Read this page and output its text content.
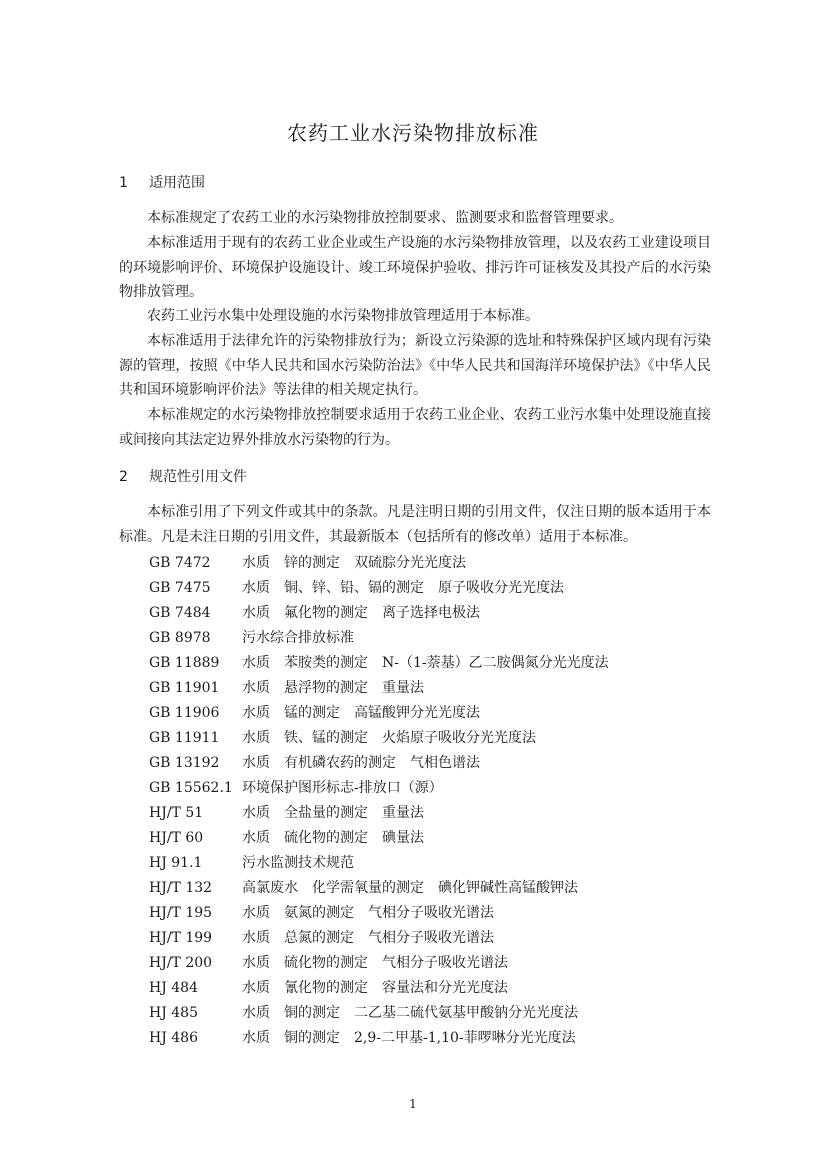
农药工业水污染物排放标准
1 适用范围

本标准规定了农药工业的水污染物排放控制要求、监测要求和监督管理要求。

本标准适用于现有的农药工业企业或生产设施的水污染物排放管理，以及农药工业建设项目的环境影响评价、环境保护设施设计、竣工环境保护验收、排污许可证核发及其投产后的水污染物排放管理。

农药工业污水集中处理设施的水污染物排放管理适用于本标准。

本标准适用于法律允许的污染物排放行为；新设立污染源的选址和特殊保护区域内现有污染源的管理，按照《中华人民共和国水污染防治法》《中华人民共和国海洋环境保护法》《中华人民共和国环境影响评价法》等法律的相关规定执行。

本标准规定的水污染物排放控制要求适用于农药工业企业、农药工业污水集中处理设施直接或间接向其法定边界外排放水污染物的行为。

2 规范性引用文件

本标准引用了下列文件或其中的条款。凡是注明日期的引用文件，仅注日期的版本适用于本标准。凡是未注日期的引用文件，其最新版本（包括所有的修改单）适用于本标准。

GB 7472 水质　锌的测定　双硫腙分光光度法
GB 7475 水质　铜、锌、铅、镉的测定　原子吸收分光光度法
GB 7484 水质　氟化物的测定　离子选择电极法
GB 8978 污水综合排放标准
GB 11889 水质　苯胺类的测定　N-（1-萘基）乙二胺偶氮分光光度法
GB 11901 水质　悬浮物的测定　重量法
GB 11906 水质　锰的测定　高锰酸钾分光光度法
GB 11911 水质　铁、锰的测定　火焰原子吸收分光光度法
GB 13192 水质　有机磷农药的测定　气相色谱法
GB 15562.1 环境保护图形标志-排放口（源）
HJ/T 51	水质　全盐量的测定　重量法
HJ/T 60	水质　硫化物的测定　碘量法
HJ 91.1	污水监测技术规范
HJ/T 132 高氯废水　化学需氧量的测定　碘化钾碱性高锰酸钾法
HJ/T 195 水质　氨氮的测定　气相分子吸收光谱法
HJ/T 199 水质　总氮的测定　气相分子吸收光谱法
HJ/T 200 水质　硫化物的测定　气相分子吸收光谱法
HJ 484	水质　氰化物的测定　容量法和分光光度法
HJ 485	水质　铜的测定　二乙基二硫代氨基甲酸钠分光光度法
HJ 486	水质　铜的测定　2,9-二甲基-1,10-菲啰啉分光光度法
1
